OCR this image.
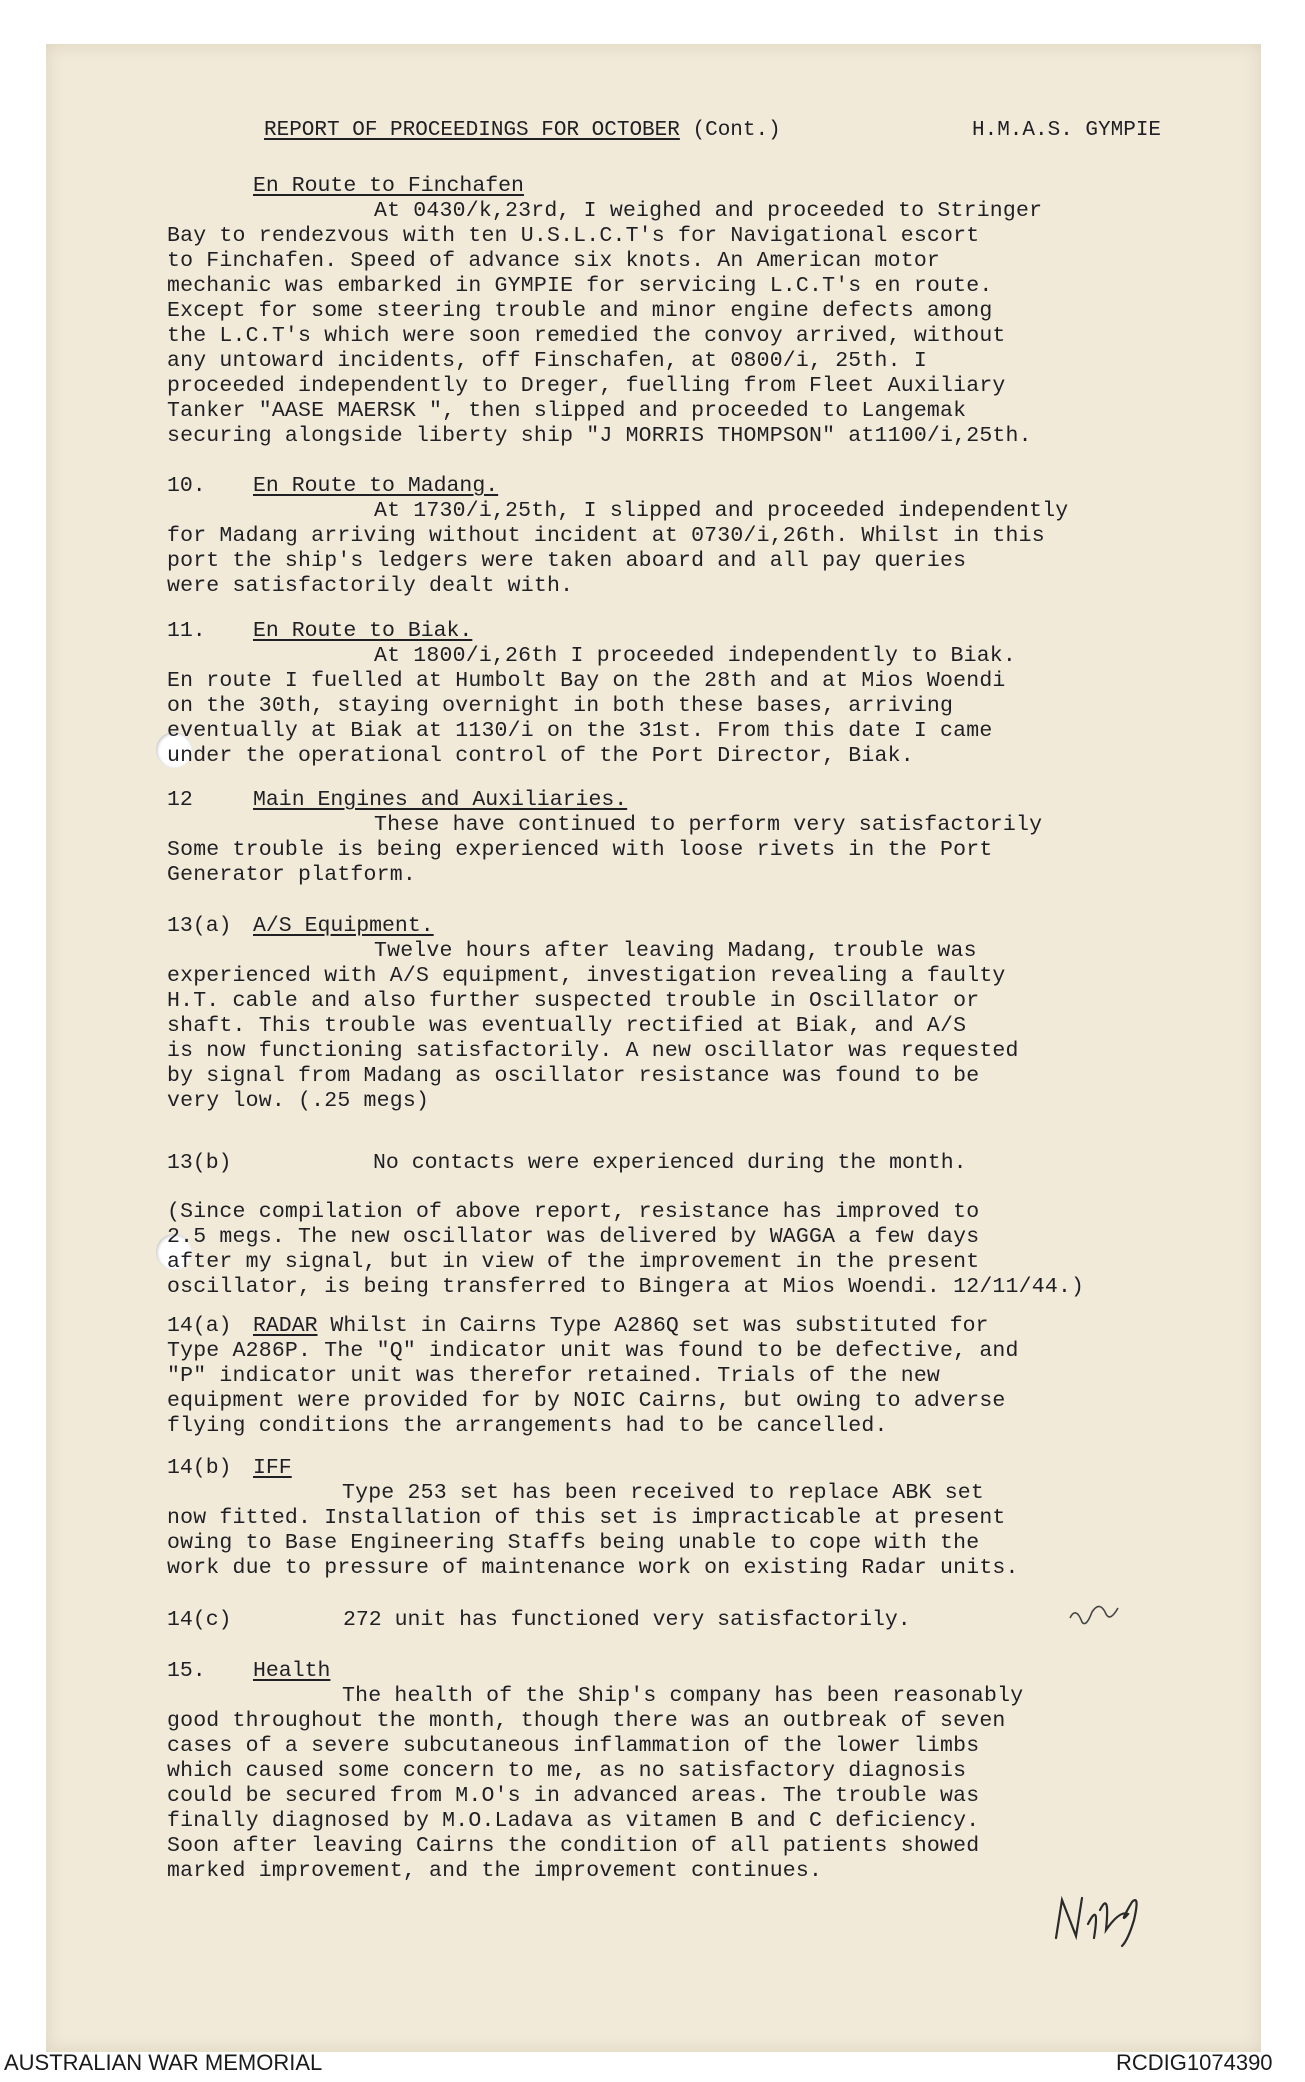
REPORT OF PROCEEDINGS FOR OCTOBER (Cont.)	H.M.A.S. GYMPIE
En Route to Finchafen
At 0430/k,23rd, I weighed and proceeded to Stringer
Bay to rendezvous with ten U.S.L.C.T's for Navigational escort
to Finchafen. Speed of advance six knots. An American motor
mechanic was embarked in GYMPIE for servicing L.C.T's en route.
Except for some steering trouble and minor engine defects among
the L.C.T's which were soon remedied the convoy arrived, without
any untoward incidents, off Finschafen, at 0800/i, 25th. I
proceeded independently to Dreger, fuelling from Fleet Auxiliary
Tanker "AASE MAERSK ", then slipped and proceeded to Langemak
securing alongside liberty ship "J MORRIS THOMPSON" at1100/i,25th.
10. En Route to Madang.
At 1730/i,25th, I slipped and proceeded independently
for Madang arriving without incident at 0730/i,26th. Whilst in this
port the ship's ledgers were taken aboard and all pay queries
were satisfactorily dealt with.
11. En Route to Biak.
At 1800/i,26th I proceeded independently to Biak.
En route I fuelled at Humbolt Bay on the 28th and at Mios Woendi
on the 30th, staying overnight in both these bases, arriving
eventually at Biak at 1130/i on the 31st. From this date I came
under the operational control of the Port Director, Biak.
12	Main Engines and Auxiliaries.
These have continued to perform very satisfactorily
Some trouble is being experienced with loose rivets in the Port
Generator platform.
13(a) A/S Equipment.
Twelve hours after leaving Madang, trouble was
experienced with A/S equipment, investigation revealing a faulty
H.T. cable and also further suspected trouble in Oscillator or
shaft. This trouble was eventually rectified at Biak, and A/S
is now functioning satisfactorily. A new oscillator was requested
by signal from Madang as oscillator resistance was found to be
very low. (.25 megs)
13(b)	No contacts were experienced during the month.
(Since compilation of above report, resistance has improved to
2.5 megs. The new oscillator was delivered by WAGGA a few days
after my signal, but in view of the improvement in the present
oscillator, is being transferred to Bingera at Mios Woendi. 12/11/44.)
14(a) RADAR Whilst in Cairns Type A286Q set was substituted for
Type A286P. The "Q" indicator unit was found to be defective, and
"P" indicator unit was therefor retained. Trials of the new
equipment were provided for by NOIC Cairns, but owing to adverse
flying conditions the arrangements had to be cancelled.
14(b) IFF
Type 253 set has been received to replace ABK set
now fitted. Installation of this set is impracticable at present
owing to Base Engineering Staffs being unable to cope with the
work due to pressure of maintenance work on existing Radar units.
14(c)	272 unit has functioned very satisfactorily.
15. Health
The health of the Ship's company has been reasonably
good throughout the month, though there was an outbreak of seven
cases of a severe subcutaneous inflammation of the lower limbs
which caused some concern to me, as no satisfactory diagnosis
could be secured from M.O's in advanced areas. The trouble was
finally diagnosed by M.O.Ladava as vitamen B and C deficiency.
Soon after leaving Cairns the condition of all patients showed
marked improvement, and the improvement continues.
AUSTRALIAN WAR MEMORIAL	RCDIG1074390
